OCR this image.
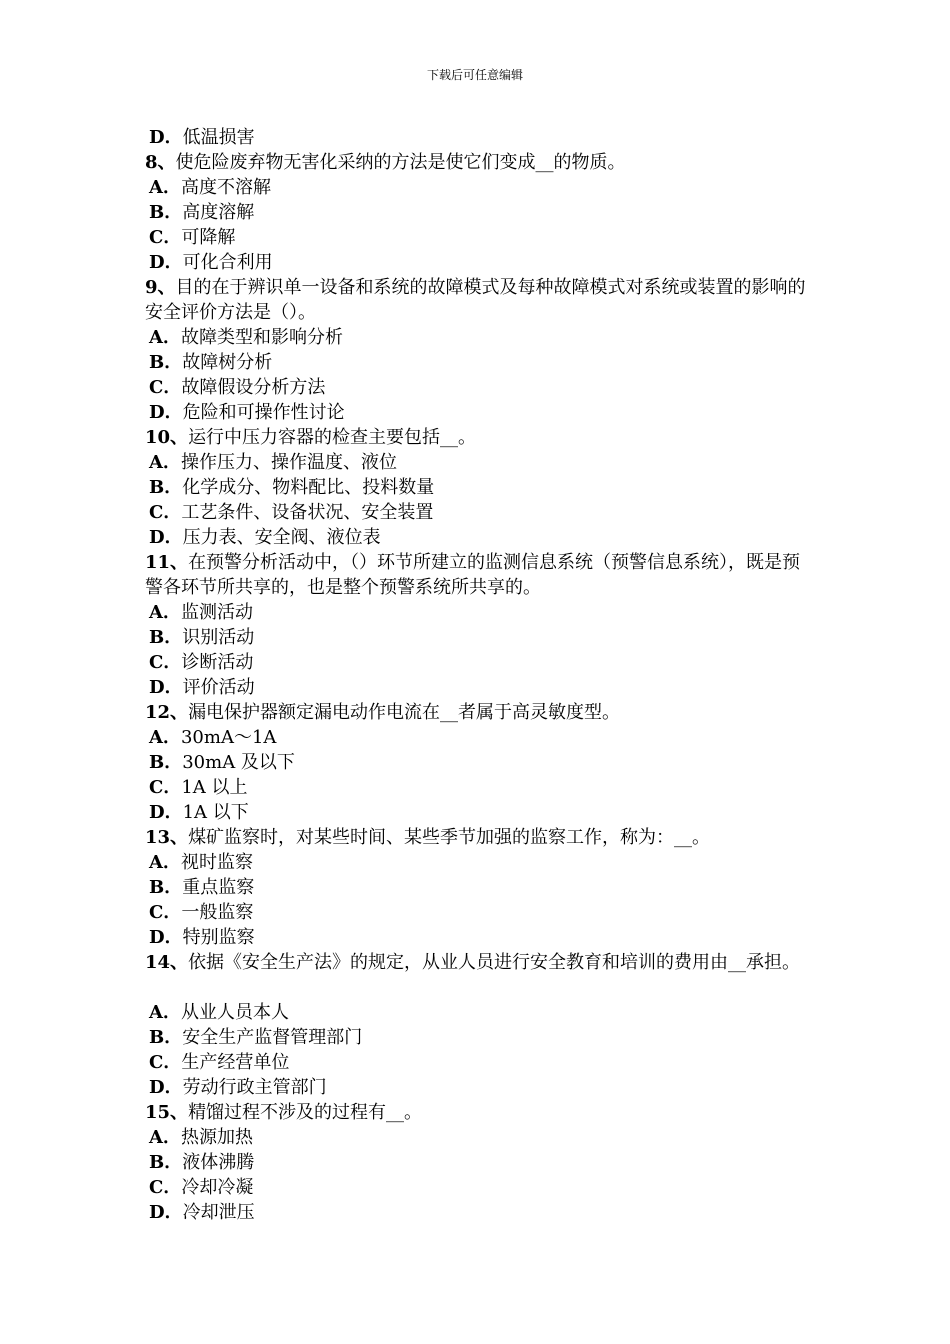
下载后可任意编辑
D．低温损害
8、使危险废弃物无害化采纳的方法是使它们变成__的物质。
A．高度不溶解
B．高度溶解
C．可降解
D．可化合利用
9、目的在于辨识单一设备和系统的故障模式及每种故障模式对系统或装置的影响的安全评价方法是（）。
A．故障类型和影响分析
B．故障树分析
C．故障假设分析方法
D．危险和可操作性讨论
10、运行中压力容器的检查主要包括__。
A．操作压力、操作温度、液位
B．化学成分、物料配比、投料数量
C．工艺条件、设备状况、安全装置
D．压力表、安全阀、液位表
11、在预警分析活动中，（）环节所建立的监测信息系统（预警信息系统），既是预警各环节所共享的，也是整个预警系统所共享的。
A．监测活动
B．识别活动
C．诊断活动
D．评价活动
12、漏电保护器额定漏电动作电流在__者属于高灵敏度型。
A．30mA～1A
B．30mA 及以下
C．1A 以上
D．1A 以下
13、煤矿监察时，对某些时间、某些季节加强的监察工作，称为：__。
A．视时监察
B．重点监察
C．一般监察
D．特别监察
14、依据《安全生产法》的规定，从业人员进行安全教育和培训的费用由__承担。
A．从业人员本人
B．安全生产监督管理部门
C．生产经营单位
D．劳动行政主管部门
15、精馏过程不涉及的过程有__。
A．热源加热
B．液体沸腾
C．冷却冷凝
D．冷却泄压
